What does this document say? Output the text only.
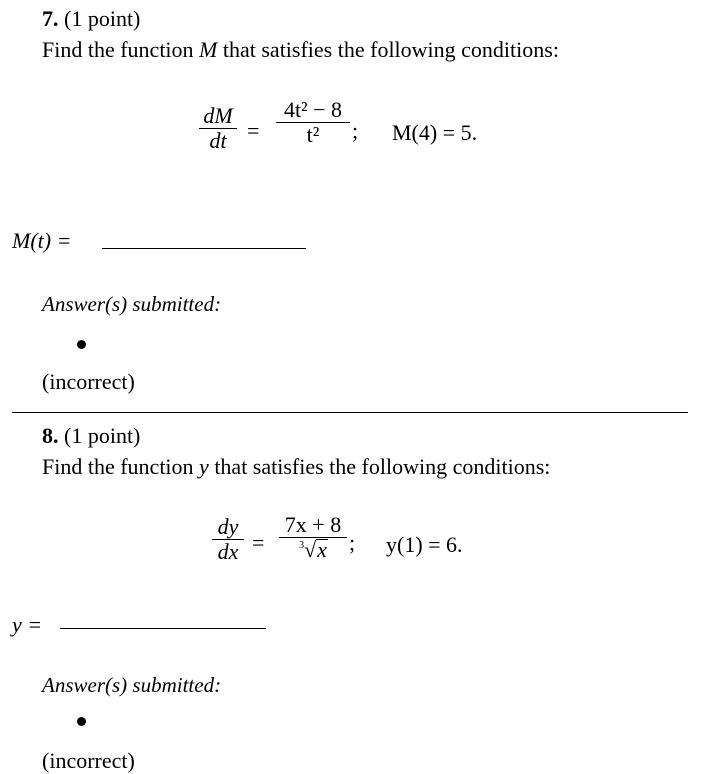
7. (1 point)
Find the function M that satisfies the following conditions:
dM
dt =
4t² − 8
t²	; M(4) = 5.
M(t) =
Answer(s) submitted:
(incorrect)
8. (1 point)
Find the function y that satisfies the following conditions:
dy
dx =
7x + 8
3 √x	; y(1) = 6.
y =
Answer(s) submitted:
(incorrect)
